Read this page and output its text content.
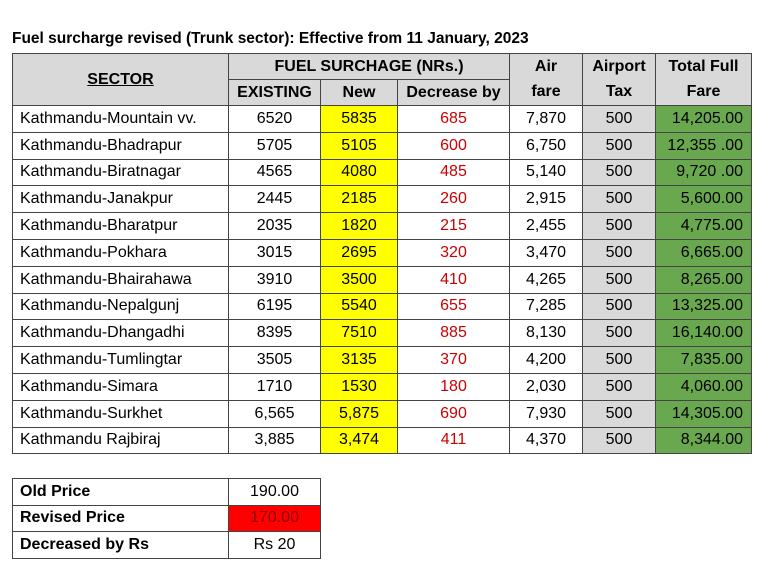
Fuel surcharge revised (Trunk sector): Effective from 11 January, 2023
SECTOR	FUEL SURCHAGE (NRs.)			Air	Airport	Total Full
	EXISTING	New	Decrease by	fare	Tax	Fare
Kathmandu-Mountain vv.	6520	5835	685	7,870	500	14,205.00
Kathmandu-Bhadrapur	5705	5105	600	6,750	500	12,355 .00
Kathmandu-Biratnagar	4565	4080	485	5,140	500	9,720 .00
Kathmandu-Janakpur	2445	2185	260	2,915	500	5,600.00
Kathmandu-Bharatpur	2035	1820	215	2,455	500	4,775.00
Kathmandu-Pokhara	3015	2695	320	3,470	500	6,665.00
Kathmandu-Bhairahawa	3910	3500	410	4,265	500	8,265.00
Kathmandu-Nepalgunj	6195	5540	655	7,285	500	13,325.00
Kathmandu-Dhangadhi	8395	7510	885	8,130	500	16,140.00
Kathmandu-Tumlingtar	3505	3135	370	4,200	500	7,835.00
Kathmandu-Simara	1710	1530	180	2,030	500	4,060.00
Kathmandu-Surkhet	6,565	5,875	690	7,930	500	14,305.00
Kathmandu Rajbiraj	3,885	3,474	411	4,370	500	8,344.00
Old Price	190.00
Revised Price	170.00
Decreased by Rs	Rs 20
